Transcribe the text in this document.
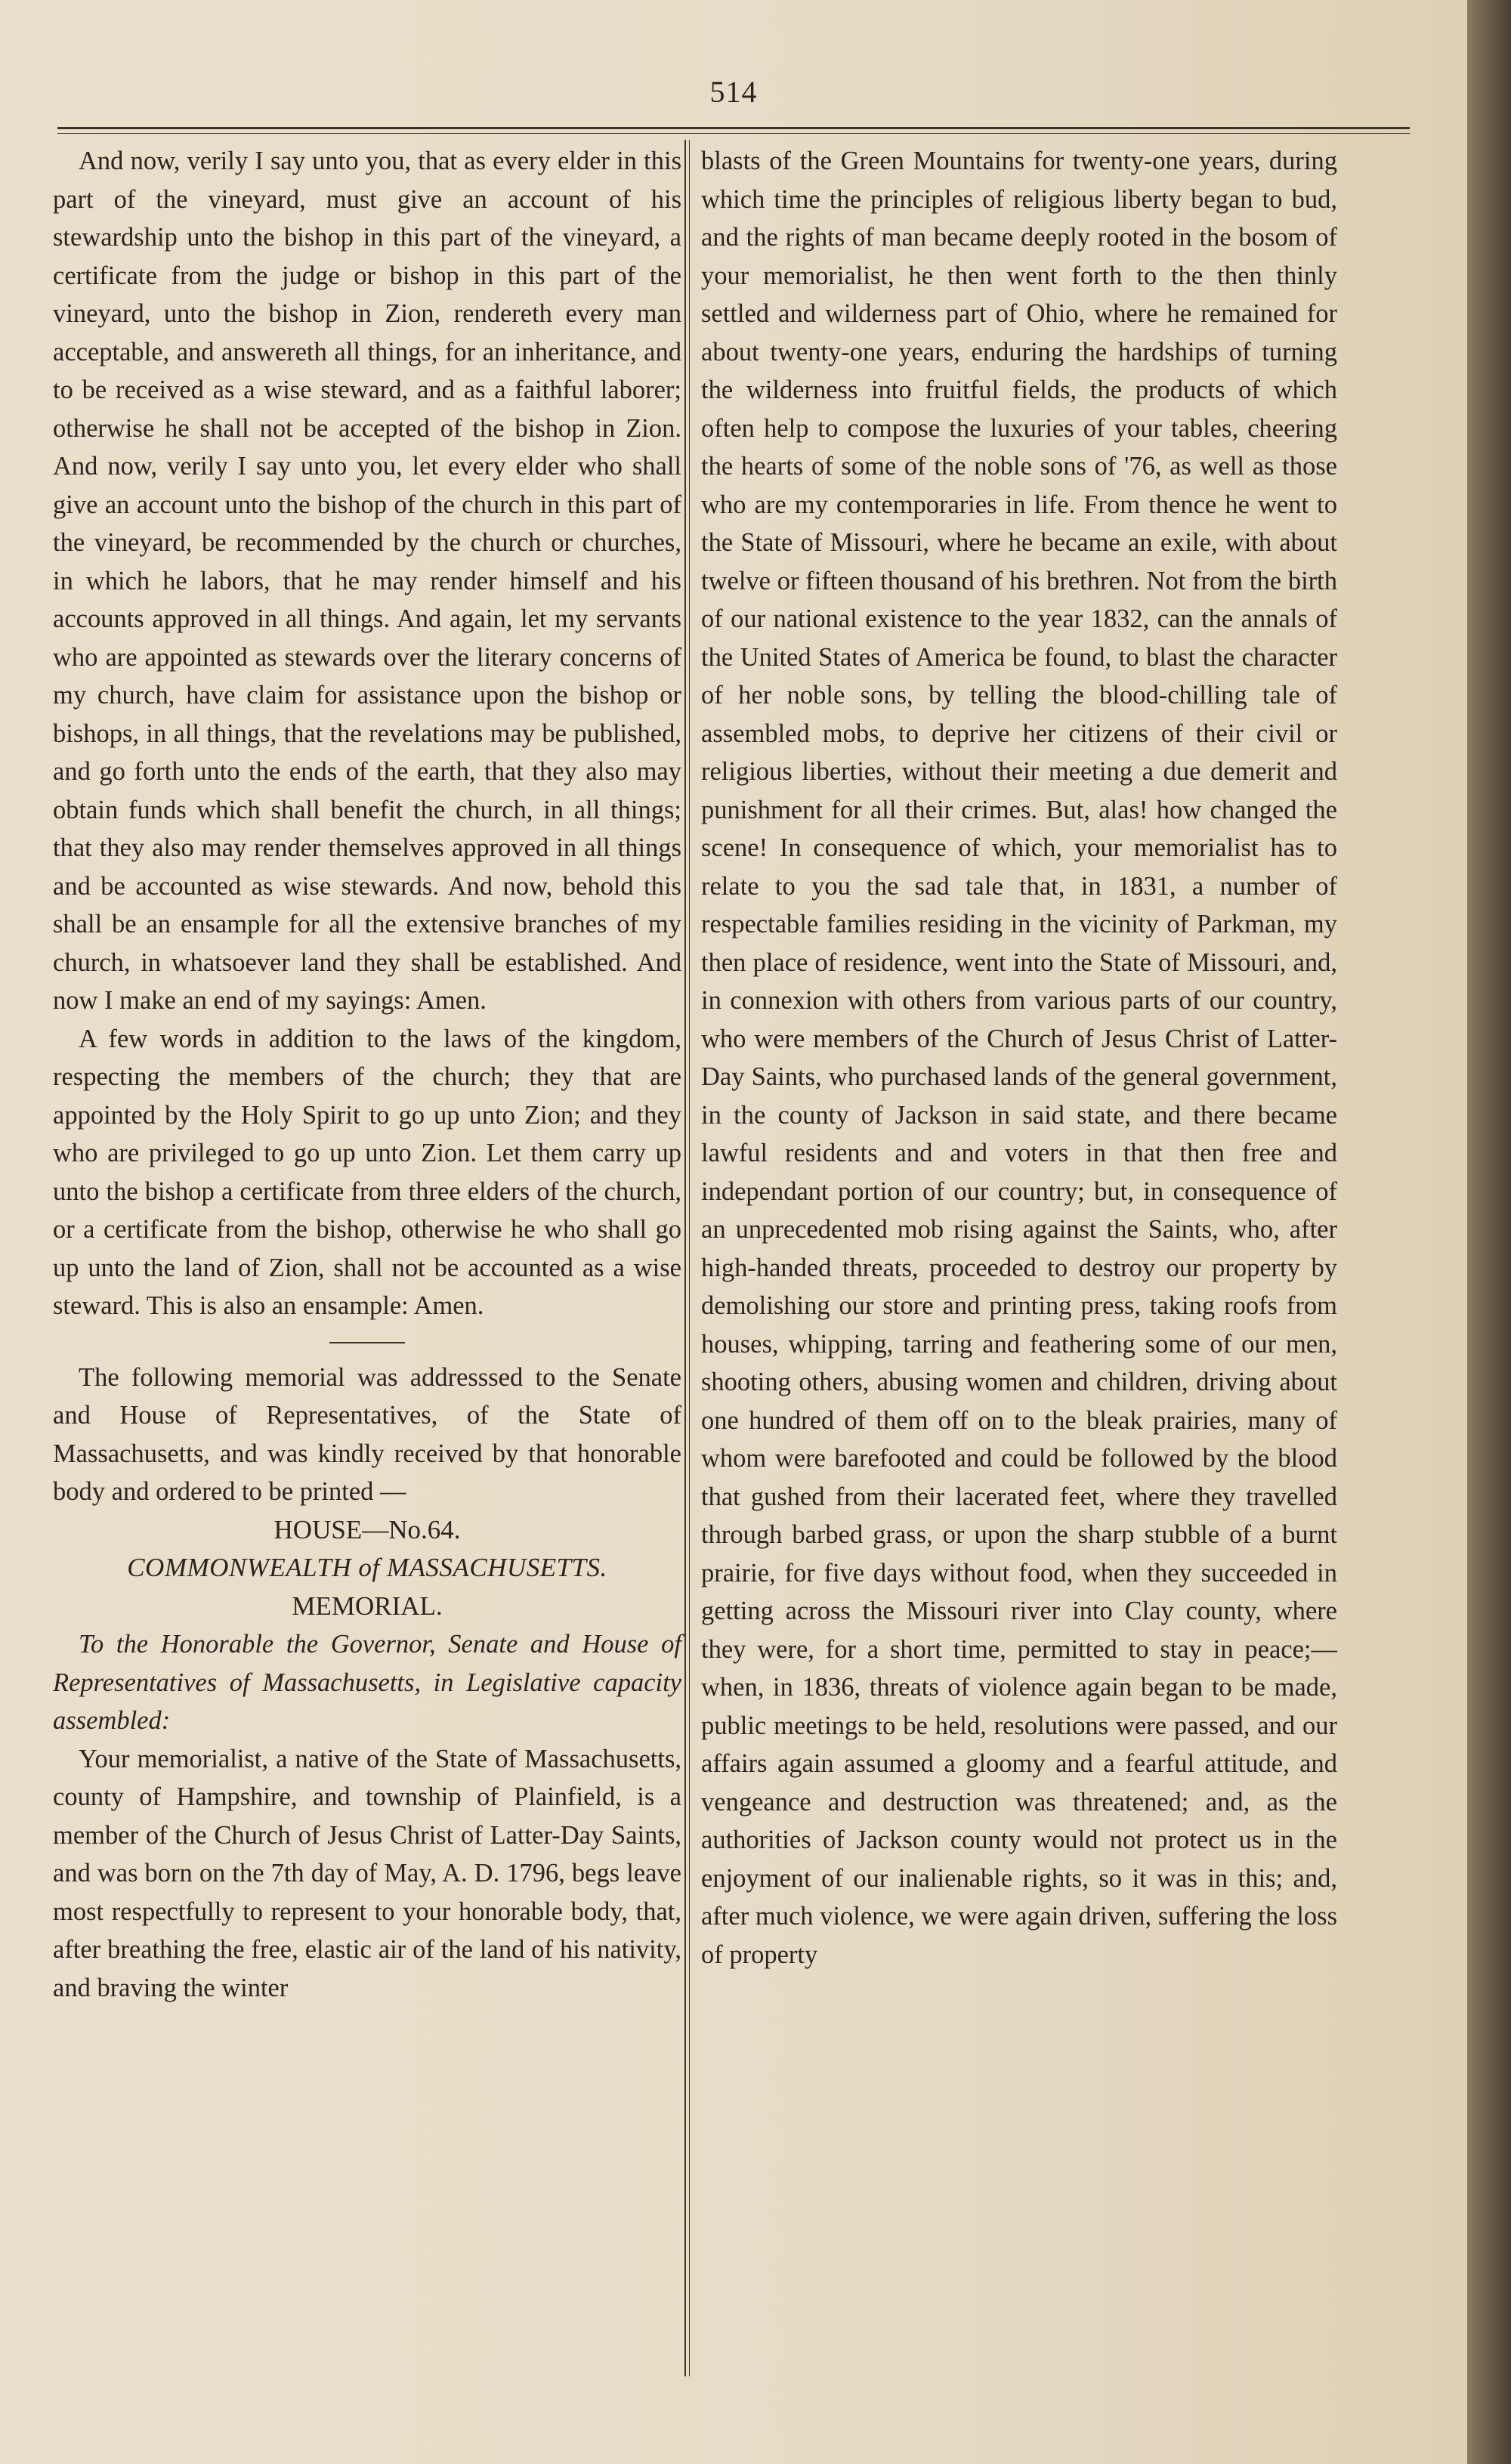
514

And now, verily I say unto you, that as every elder in this part of the vineyard, must give an account of his stewardship unto the bishop in this part of the vineyard, a certificate from the judge or bishop in this part of the vineyard, unto the bishop in Zion, rendereth every man acceptable, and answereth all things, for an inheritance, and to be received as a wise steward, and as a faithful laborer; otherwise he shall not be accepted of the bishop in Zion. And now, verily I say unto you, let every elder who shall give an account unto the bishop of the church in this part of the vineyard, be recommended by the church or churches, in which he labors, that he may render himself and his accounts approved in all things. And again, let my servants who are appointed as stewards over the literary concerns of my church, have claim for assistance upon the bishop or bishops, in all things, that the revelations may be published, and go forth unto the ends of the earth, that they also may obtain funds which shall benefit the church, in all things; that they also may render themselves approved in all things and be accounted as wise stewards. And now, behold this shall be an ensample for all the extensive branches of my church, in whatsoever land they shall be established. And now I make an end of my sayings: Amen.

A few words in addition to the laws of the kingdom, respecting the members of the church; they that are appointed by the Holy Spirit to go up unto Zion; and they who are privileged to go up unto Zion. Let them carry up unto the bishop a certificate from three elders of the church, or a certificate from the bishop, otherwise he who shall go up unto the land of Zion, shall not be accounted as a wise steward. This is also an ensample: Amen.

The following memorial was addresssed to the Senate and House of Representatives, of the State of Massachusetts, and was kindly received by that honorable body and ordered to be printed —

HOUSE—No.64.

COMMONWEALTH of MASSACHUSETTS.

MEMORIAL.

To the Honorable the Governor, Senate and House of Representatives of Massachusetts, in Legislative capacity assembled:

Your memorialist, a native of the State of Massachusetts, county of Hampshire, and township of Plainfield, is a member of the Church of Jesus Christ of Latter-Day Saints, and was born on the 7th day of May, A. D. 1796, begs leave most respectfully to represent to your honorable body, that, after breathing the free, elastic air of the land of his nativity, and braving the winter

blasts of the Green Mountains for twenty-one years, during which time the principles of religious liberty began to bud, and the rights of man became deeply rooted in the bosom of your memorialist, he then went forth to the then thinly settled and wilderness part of Ohio, where he remained for about twenty-one years, enduring the hardships of turning the wilderness into fruitful fields, the products of which often help to compose the luxuries of your tables, cheering the hearts of some of the noble sons of '76, as well as those who are my contemporaries in life. From thence he went to the State of Missouri, where he became an exile, with about twelve or fifteen thousand of his brethren. Not from the birth of our national existence to the year 1832, can the annals of the United States of America be found, to blast the character of her noble sons, by telling the blood-chilling tale of assembled mobs, to deprive her citizens of their civil or religious liberties, without their meeting a due demerit and punishment for all their crimes. But, alas! how changed the scene! In consequence of which, your memorialist has to relate to you the sad tale that, in 1831, a number of respectable families residing in the vicinity of Parkman, my then place of residence, went into the State of Missouri, and, in connexion with others from various parts of our country, who were members of the Church of Jesus Christ of Latter-Day Saints, who purchased lands of the general government, in the county of Jackson in said state, and there became lawful residents and and voters in that then free and independant portion of our country; but, in consequence of an unprecedented mob rising against the Saints, who, after high-handed threats, proceeded to destroy our property by demolishing our store and printing press, taking roofs from houses, whipping, tarring and feathering some of our men, shooting others, abusing women and children, driving about one hundred of them off on to the bleak prairies, many of whom were barefooted and could be followed by the blood that gushed from their lacerated feet, where they travelled through barbed grass, or upon the sharp stubble of a burnt prairie, for five days without food, when they succeeded in getting across the Missouri river into Clay county, where they were, for a short time, permitted to stay in peace;—when, in 1836, threats of violence again began to be made, public meetings to be held, resolutions were passed, and our affairs again assumed a gloomy and a fearful attitude, and vengeance and destruction was threatened; and, as the authorities of Jackson county would not protect us in the enjoyment of our inalienable rights, so it was in this; and, after much violence, we were again driven, suffering the loss of property
